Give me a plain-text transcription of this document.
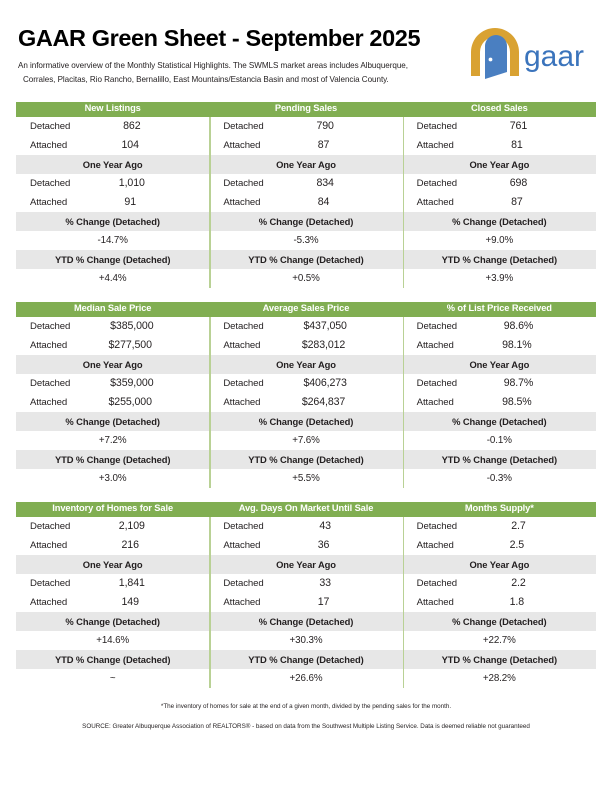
GAAR Green Sheet - September 2025
An informative overview of the Monthly Statistical Highlights. The SWMLS market areas includes Albuquerque,
Corrales, Placitas, Rio Rancho, Bernalillo, East Mountains/Estancia Basin and most of Valencia County.
gaar
New Listings	Pending Sales	Closed Sales
Detached	862	Detached	790	Detached	761
Attached	104	Attached	87	Attached	81
One Year Ago	One Year Ago	One Year Ago
Detached	1,010	Detached	834	Detached	698
Attached	91	Attached	84	Attached	87
% Change (Detached)	% Change (Detached)	% Change (Detached)
-14.7%	-5.3%	+9.0%
YTD % Change (Detached)	YTD % Change (Detached)	YTD % Change (Detached)
+4.4%	+0.5%	+3.9%
Median Sale Price	Average Sales Price	% of List Price Received
Detached	$385,000	Detached	$437,050	Detached	98.6%
Attached	$277,500	Attached	$283,012	Attached	98.1%
One Year Ago	One Year Ago	One Year Ago
Detached	$359,000	Detached	$406,273	Detached	98.7%
Attached	$255,000	Attached	$264,837	Attached	98.5%
% Change (Detached)	% Change (Detached)	% Change (Detached)
+7.2%	+7.6%	-0.1%
YTD % Change (Detached)	YTD % Change (Detached)	YTD % Change (Detached)
+3.0%	+5.5%	-0.3%
Inventory of Homes for Sale	Avg. Days On Market Until Sale	Months Supply*
Detached	2,109	Detached	43	Detached	2.7
Attached	216	Attached	36	Attached	2.5
One Year Ago	One Year Ago	One Year Ago
Detached	1,841	Detached	33	Detached	2.2
Attached	149	Attached	17	Attached	1.8
% Change (Detached)	% Change (Detached)	% Change (Detached)
+14.6%	+30.3%	+22.7%
YTD % Change (Detached)	YTD % Change (Detached)	YTD % Change (Detached)
~	+26.6%	+28.2%
*The inventory of homes for sale at the end of a given month, divided by the pending sales for the month.
SOURCE: Greater Albuquerque Association of REALTORS® - based on data from the Southwest Multiple Listing Service. Data is deemed reliable not guaranteed
